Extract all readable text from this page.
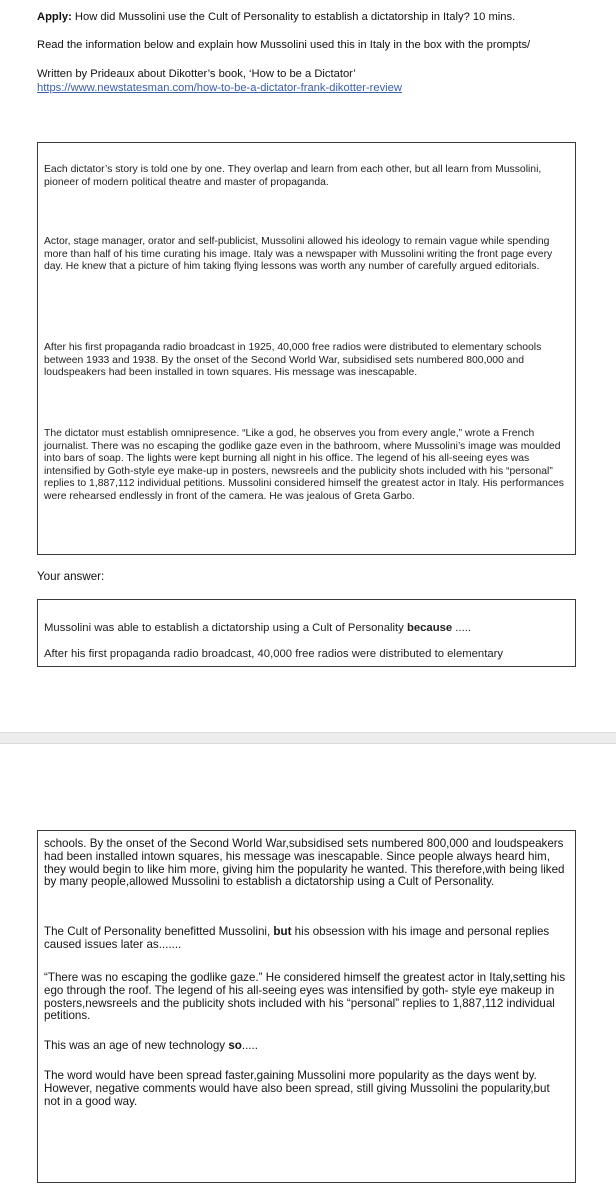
Apply: How did Mussolini use the Cult of Personality to establish a dictatorship in Italy? 10 mins.
Read the information below and explain how Mussolini used this in Italy in the box with the prompts/
Written by Prideaux about Dikotter’s book, ‘How to be a Dictator’
https://www.newstatesman.com/how-to-be-a-dictator-frank-dikotter-review
Each dictator’s story is told one by one. They overlap and learn from each other, but all learn from Mussolini, pioneer of modern political theatre and master of propaganda.
Actor, stage manager, orator and self-publicist, Mussolini allowed his ideology to remain vague while spending more than half of his time curating his image. Italy was a newspaper with Mussolini writing the front page every day. He knew that a picture of him taking flying lessons was worth any number of carefully argued editorials.
After his first propaganda radio broadcast in 1925, 40,000 free radios were distributed to elementary schools between 1933 and 1938. By the onset of the Second World War, subsidised sets numbered 800,000 and loudspeakers had been installed in town squares. His message was inescapable.
The dictator must establish omnipresence. “Like a god, he observes you from every angle,” wrote a French journalist. There was no escaping the godlike gaze even in the bathroom, where Mussolini’s image was moulded into bars of soap. The lights were kept burning all night in his office. The legend of his all-seeing eyes was intensified by Goth-style eye make-up in posters, newsreels and the publicity shots included with his “personal” replies to 1,887,112 individual petitions. Mussolini considered himself the greatest actor in Italy. His performances were rehearsed endlessly in front of the camera. He was jealous of Greta Garbo.
Your answer:
Mussolini was able to establish a dictatorship using a Cult of Personality because .....
After his first propaganda radio broadcast, 40,000 free radios were distributed to elementary
schools. By the onset of the Second World War,subsidised sets numbered 800,000 and loudspeakers had been installed intown squares, his message was inescapable. Since people always heard him, they would begin to like him more, giving him the popularity he wanted. This therefore,with being liked by many people,allowed Mussolini to establish a dictatorship using a Cult of Personality.
The Cult of Personality benefitted Mussolini, but his obsession with his image and personal replies caused issues later as.......
“There was no escaping the godlike gaze.” He considered himself the greatest actor in Italy,setting his ego through the roof. The legend of his all-seeing eyes was intensified by goth- style eye makeup in posters,newsreels and the publicity shots included with his “personal” replies to 1,887,112 individual petitions.
This was an age of new technology so.....
The word would have been spread faster,gaining Mussolini more popularity as the days went by. However, negative comments would have also been spread, still giving Mussolini the popularity,but not in a good way.
